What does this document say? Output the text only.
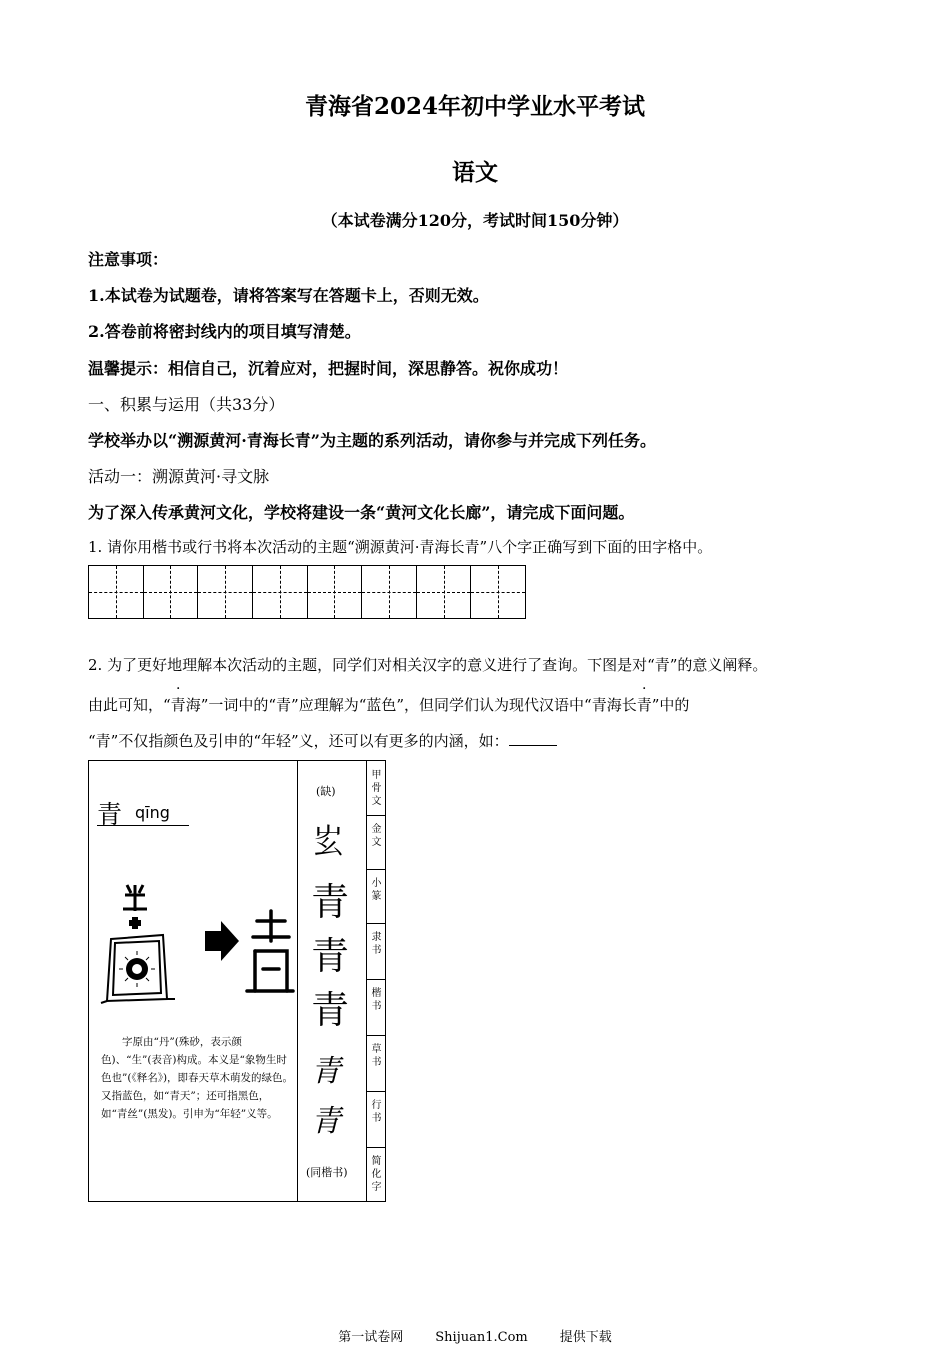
青海省2024年初中学业水平考试
语文
（本试卷满分120分，考试时间150分钟）
注意事项：
1.本试卷为试题卷，请将答案写在答题卡上，否则无效。
2.答卷前将密封线内的项目填写清楚。
温馨提示：相信自己，沉着应对，把握时间，深思静答。祝你成功！
一、积累与运用（共33分）
学校举办以“溯源黄河·青海长青”为主题的系列活动，请你参与并完成下列任务。
活动一：溯源黄河·寻文脉
为了深入传承黄河文化，学校将建设一条“黄河文化长廊”，请完成下面问题。
1. 请你用楷书或行书将本次活动的主题“溯源黄河·青海长青”八个字正确写到下面的田字格中。
2. 为了更好地理解本次活动的主题，同学们对相关汉字的意义进行了查询。下图是对“青”的意义阐释。
由此可知，“青海”一词中的“青”应理解为“蓝色”，但同学们认为现代汉语中“青海长青”中的
“青”不仅指颜色及引申的“年轻”义，还可以有更多的内涵，如：
青 qīng
字原由“丹”(殊砂，表示颜色)、“生”(表音)构成。本义是“象物生时色也”(《释名》)，即春天草木萌发的绿色。又指蓝色，如“青天”；还可指黑色，如“青丝”(黑发)。引申为“年轻”义等。
(缺)
𡴁
青
青
青
青
青
(同楷书)
甲骨文
金文
小篆
隶书
楷书
草书
行书
简化字
第一试卷网 Shijuan1.Com 提供下载
